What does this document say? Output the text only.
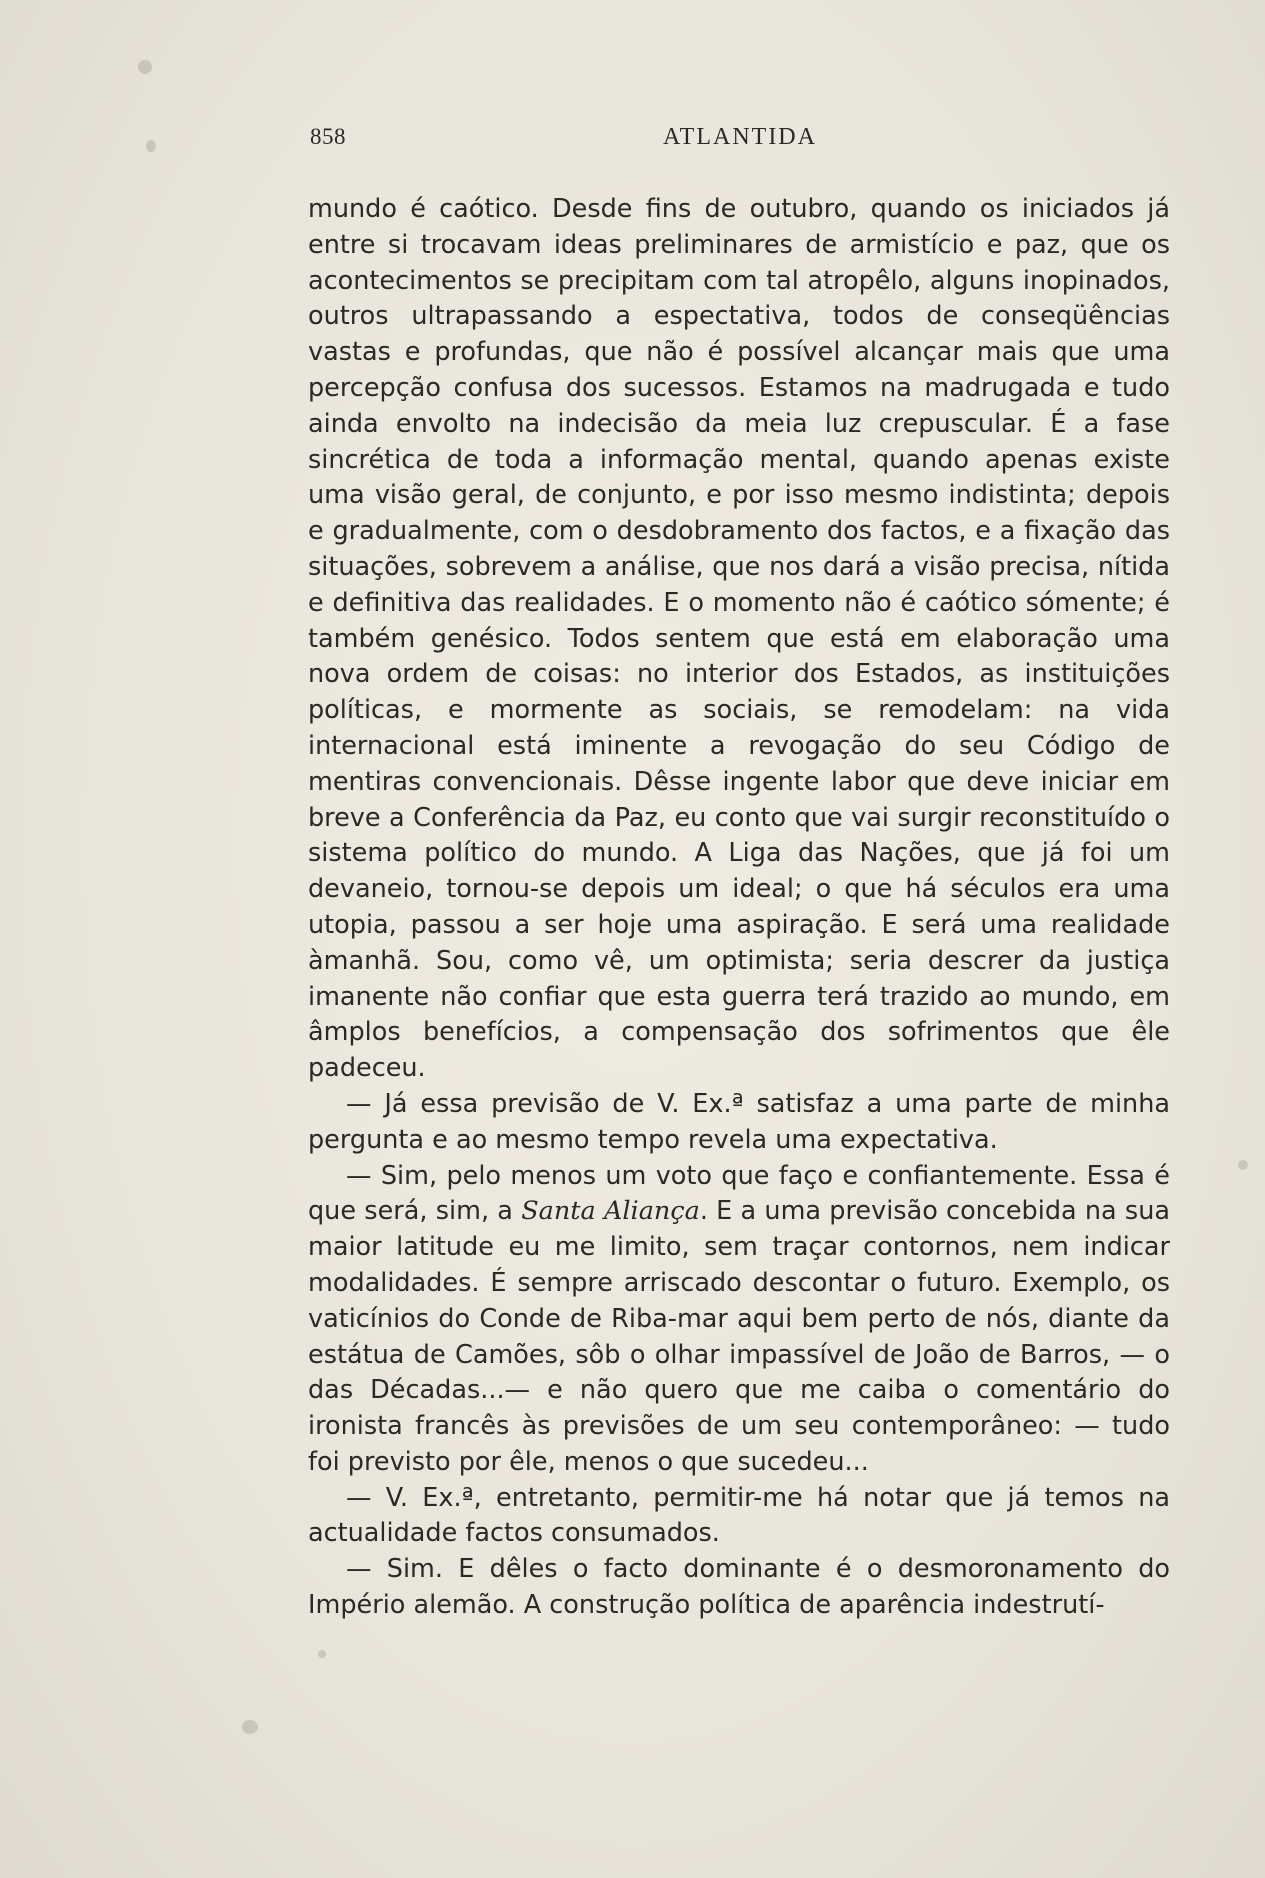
858	ATLANTIDA

mundo é caótico. Desde fins de outubro, quando os iniciados já entre si trocavam ideas preliminares de armistício e paz, que os acontecimentos se precipitam com tal atropêlo, alguns inopinados, outros ultrapassando a espectativa, todos de conseqüências vastas e profundas, que não é possível alcançar mais que uma percepção confusa dos sucessos. Estamos na madrugada e tudo ainda envolto na indecisão da meia luz crepuscular. É a fase sincrética de toda a informação mental, quando apenas existe uma visão geral, de conjunto, e por isso mesmo indistinta; depois e gradualmente, com o desdobramento dos factos, e a fixação das situações, sobrevem a análise, que nos dará a visão precisa, nítida e definitiva das realidades. E o momento não é caótico sómente; é também genésico. Todos sentem que está em elaboração uma nova ordem de coisas: no interior dos Estados, as instituições políticas, e mormente as sociais, se remodelam: na vida internacional está iminente a revogação do seu Código de mentiras convencionais. Dêsse ingente labor que deve iniciar em breve a Conferência da Paz, eu conto que vai surgir reconstituído o sistema político do mundo. A Liga das Nações, que já foi um devaneio, tornou-se depois um ideal; o que há séculos era uma utopia, passou a ser hoje uma aspiração. E será uma realidade àmanhã. Sou, como vê, um optimista; seria descrer da justiça imanente não confiar que esta guerra terá trazido ao mundo, em âmplos benefícios, a compensação dos sofrimentos que êle padeceu.

— Já essa previsão de V. Ex.ª satisfaz a uma parte de minha pergunta e ao mesmo tempo revela uma expectativa.

— Sim, pelo menos um voto que faço e confiantemente. Essa é que será, sim, a Santa Aliança. E a uma previsão concebida na sua maior latitude eu me limito, sem traçar contornos, nem indicar modalidades. É sempre arriscado descontar o futuro. Exemplo, os vaticínios do Conde de Riba-mar aqui bem perto de nós, diante da estátua de Camões, sôb o olhar impassível de João de Barros, — o das Décadas...— e não quero que me caiba o comentário do ironista francês às previsões de um seu contemporâneo: — tudo foi previsto por êle, menos o que sucedeu...

— V. Ex.ª, entretanto, permitir-me há notar que já temos na actualidade factos consumados.

— Sim. E dêles o facto dominante é o desmoronamento do Império alemão. A construção política de aparência indestrutí-
